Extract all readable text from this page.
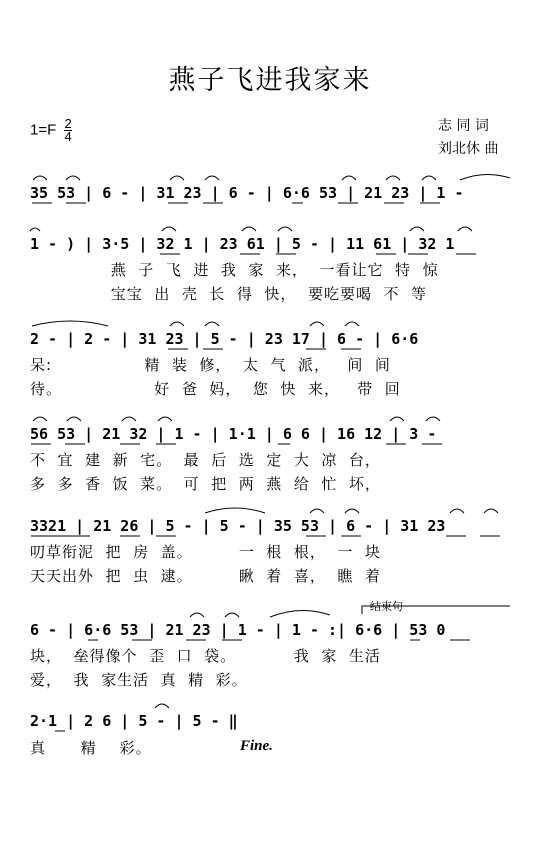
燕子飞进我家来
$1=F \frac{2}{4}$	志 同 词
刘北休 曲

35 53 | 6 - | 31 23 | 6 - | 6·6 53 | 21 23 | 1 -

1 - ) | 3·5 | 32 1 | 23 61 | 5 - | 11 61 | 32 1

燕  子  飞  进  我  家  来，  一看让它  特  惊

宝宝  出  壳  长  得  快，  要吃要喝  不  等

2 - | 2 - | 31 23 | 5 - | 23 17 | 6 - | 6·6

呆:                精  装  修，  太  气  派，   间  间

待。                好  爸  妈，  您  快  来，   带  回

56 53 | 21 32 | 1 - | 1·1 | 6 6 | 16 12 | 3 -

不  宜  建  新  宅。  最  后  选  定  大  凉  台，

多  多  香  饭  菜。  可  把  两  燕  给  忙  坏，

3321 | 21 26 | 5 - | 5 - | 35 53 | 6 - | 31 23

叨草衔泥  把  房  盖。        一  根  根，  一  块

天天出外  把  虫  逮。        瞅  着  喜，  瞧  着

结束句

6 - | 6·6 53 | 21 23 | 1 - | 1 - :| 6·6 | 53 0

块，  垒得像个  歪  口  袋。          我  家  生活

爱，  我  家生活  真  精  彩。

2·1 | 2 6 | 5 - | 5 - ‖

真      精    彩。

	Fine.
